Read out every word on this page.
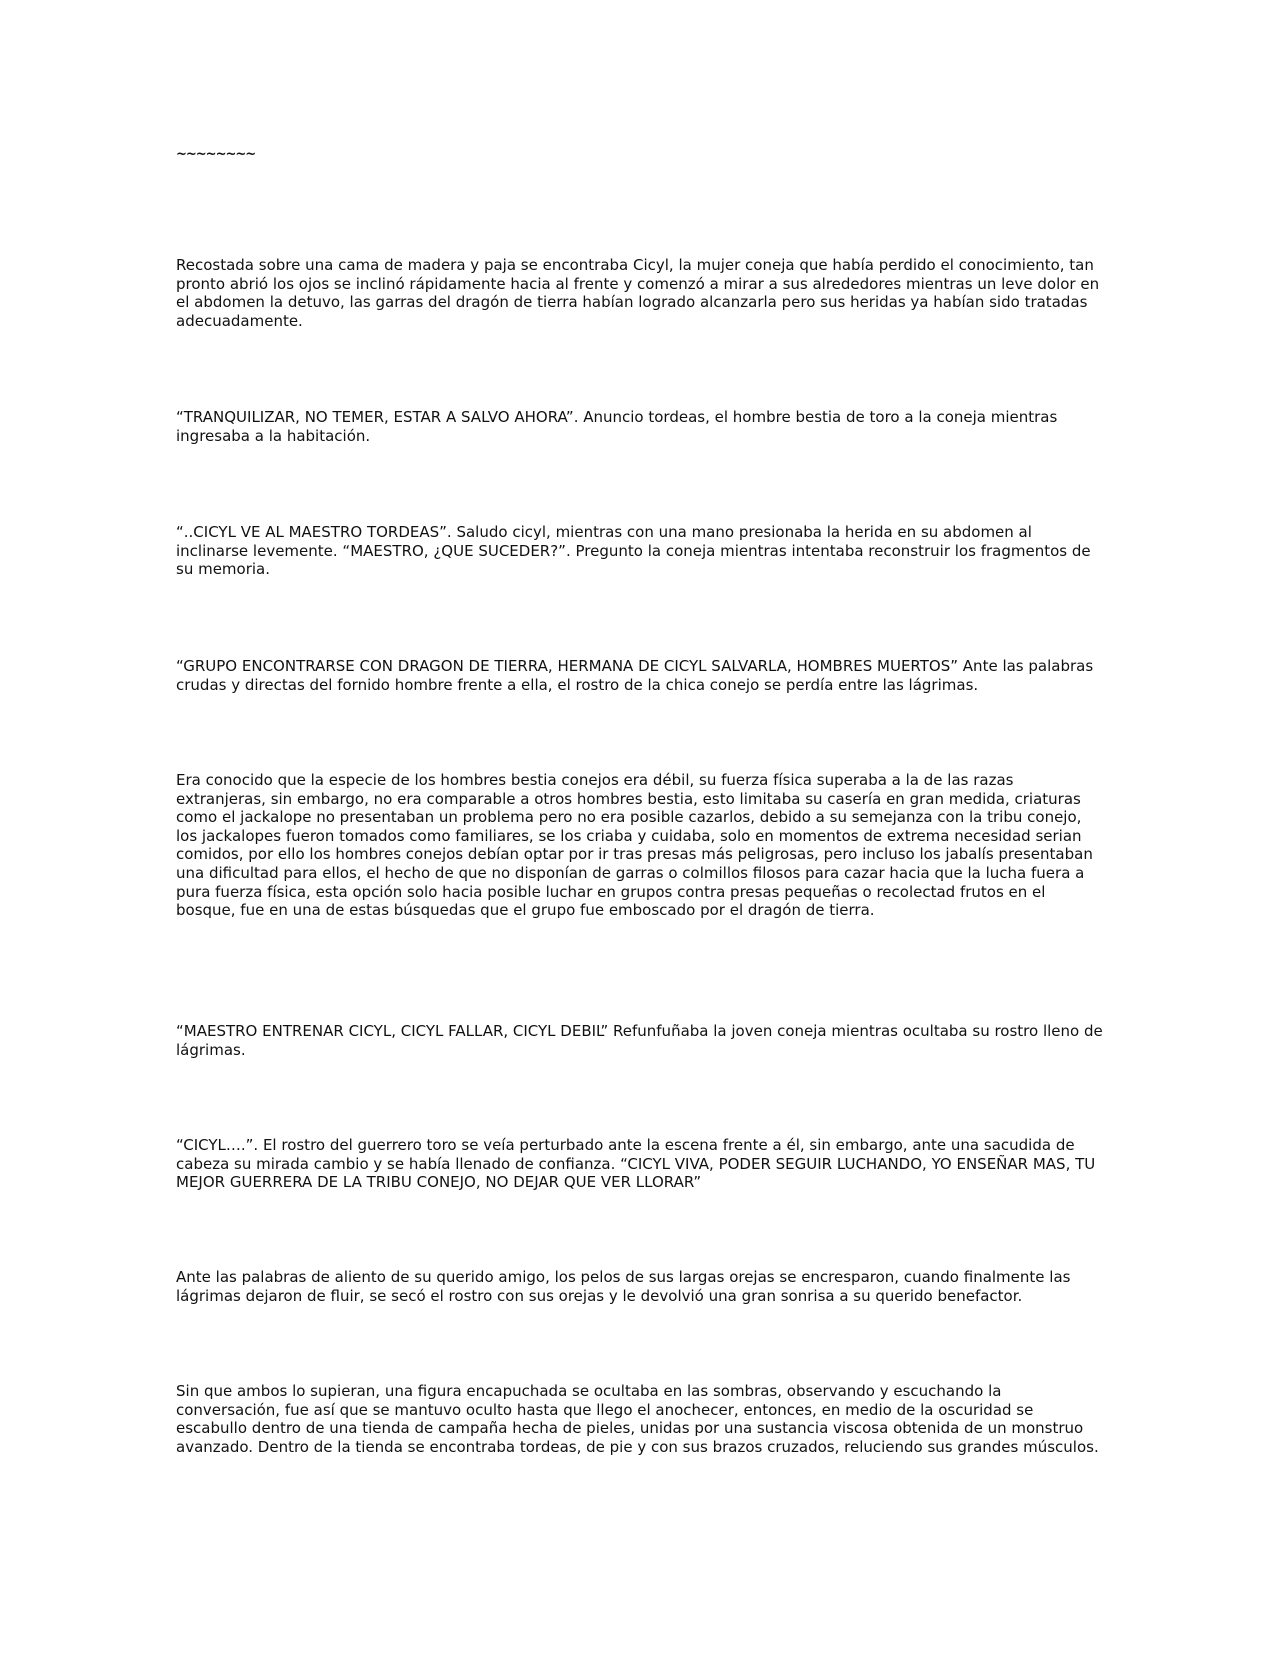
~~~~~~~~

Recostada sobre una cama de madera y paja se encontraba Cicyl, la mujer coneja que había perdido el conocimiento, tan pronto abrió los ojos se inclinó rápidamente hacia al frente y comenzó a mirar a sus alrededores mientras un leve dolor en el abdomen la detuvo, las garras del dragón de tierra habían logrado alcanzarla pero sus heridas ya habían sido tratadas adecuadamente.

“TRANQUILIZAR, NO TEMER, ESTAR A SALVO AHORA”. Anuncio tordeas, el hombre bestia de toro a la coneja mientras ingresaba a la habitación.

“..CICYL VE AL MAESTRO TORDEAS”. Saludo cicyl, mientras con una mano presionaba la herida en su abdomen al inclinarse levemente. “MAESTRO, ¿QUE SUCEDER?”. Pregunto la coneja mientras intentaba reconstruir los fragmentos de su memoria.

“GRUPO ENCONTRARSE CON DRAGON DE TIERRA, HERMANA DE CICYL SALVARLA, HOMBRES MUERTOS” Ante las palabras crudas y directas del fornido hombre frente a ella, el rostro de la chica conejo se perdía entre las lágrimas.

Era conocido que la especie de los hombres bestia conejos era débil, su fuerza física superaba a la de las razas extranjeras, sin embargo, no era comparable a otros hombres bestia, esto limitaba su casería en gran medida, criaturas como el jackalope no presentaban un problema pero no era posible cazarlos, debido a su semejanza con la tribu conejo, los jackalopes fueron tomados como familiares, se los criaba y cuidaba, solo en momentos de extrema necesidad serian comidos, por ello los hombres conejos debían optar por ir tras presas más peligrosas, pero incluso los jabalís presentaban una dificultad para ellos, el hecho de que no disponían de garras o colmillos filosos para cazar hacia que la lucha fuera a pura fuerza física, esta opción solo hacia posible luchar en grupos contra presas pequeñas o recolectad frutos en el bosque, fue en una de estas búsquedas que el grupo fue emboscado por el dragón de tierra.

“MAESTRO ENTRENAR CICYL, CICYL FALLAR, CICYL DEBIL” Refunfuñaba la joven coneja mientras ocultaba su rostro lleno de lágrimas.

“CICYL….”. El rostro del guerrero toro se veía perturbado ante la escena frente a él, sin embargo, ante una sacudida de cabeza su mirada cambio y se había llenado de confianza. “CICYL VIVA, PODER SEGUIR LUCHANDO, YO ENSEÑAR MAS, TU MEJOR GUERRERA DE LA TRIBU CONEJO, NO DEJAR QUE VER LLORAR”

Ante las palabras de aliento de su querido amigo, los pelos de sus largas orejas se encresparon, cuando finalmente las lágrimas dejaron de fluir, se secó el rostro con sus orejas y le devolvió una gran sonrisa a su querido benefactor.

Sin que ambos lo supieran, una figura encapuchada se ocultaba en las sombras, observando y escuchando la conversación, fue así que se mantuvo oculto hasta que llego el anochecer, entonces, en medio de la oscuridad se escabullo dentro de una tienda de campaña hecha de pieles, unidas por una sustancia viscosa obtenida de un monstruo avanzado. Dentro de la tienda se encontraba tordeas, de pie y con sus brazos cruzados, reluciendo sus grandes músculos.
